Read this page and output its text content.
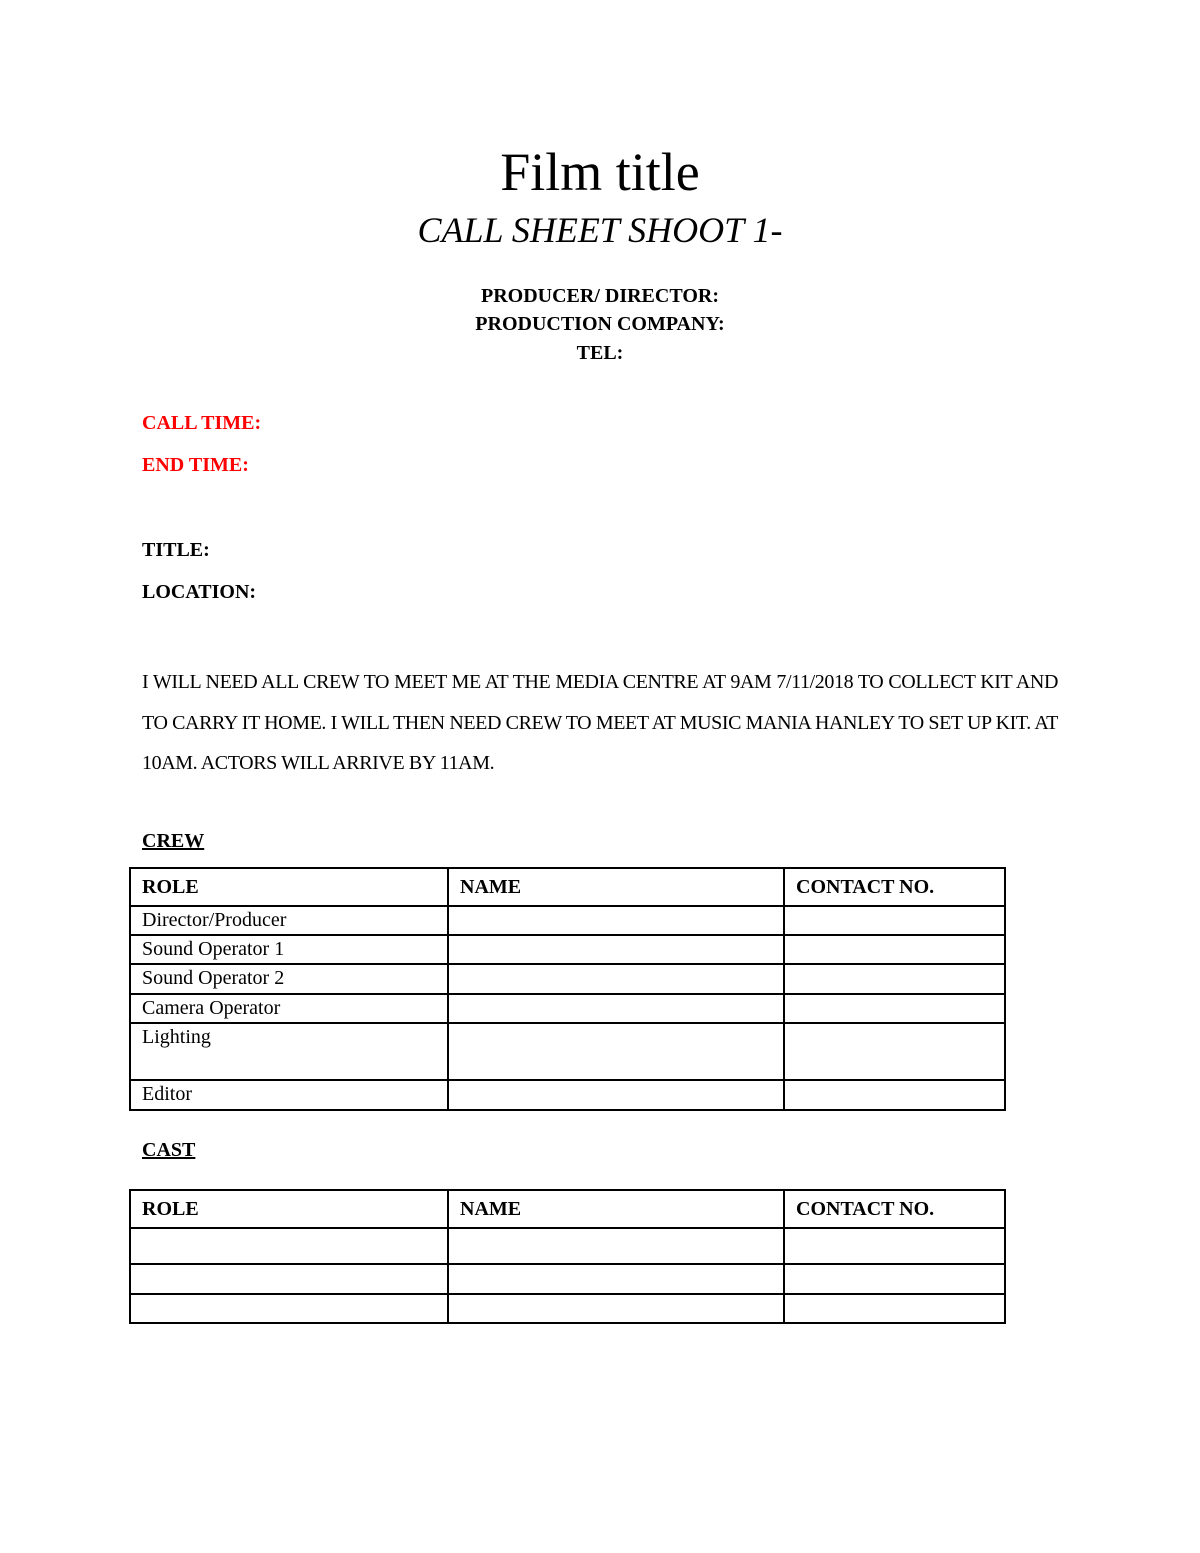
Film title
CALL SHEET SHOOT 1-
PRODUCER/ DIRECTOR:
PRODUCTION COMPANY:
TEL:
CALL TIME:
END TIME:
TITLE:
LOCATION:
I WILL NEED ALL CREW TO MEET ME AT THE MEDIA CENTRE AT 9AM 7/11/2018 TO COLLECT KIT AND TO CARRY IT HOME. I WILL THEN NEED CREW TO MEET AT MUSIC MANIA HANLEY TO SET UP KIT. AT 10AM. ACTORS WILL ARRIVE BY 11AM.
CREW
ROLE	NAME	CONTACT NO.
Director/Producer		
Sound Operator 1		
Sound Operator 2		
Camera Operator		
Lighting		
Editor		
CAST
ROLE	NAME	CONTACT NO.
